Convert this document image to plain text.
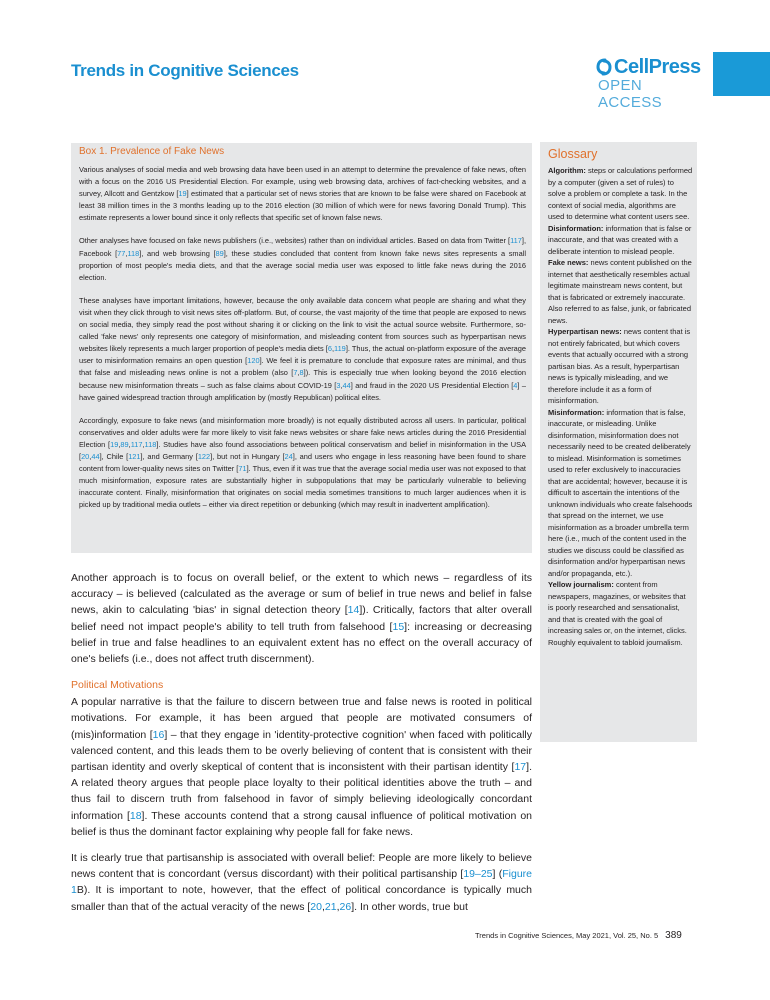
Trends in Cognitive Sciences	CellPress
OPEN ACCESS
Box 1. Prevalence of Fake News

Various analyses of social media and web browsing data have been used in an attempt to determine the prevalence of fake news, often with a focus on the 2016 US Presidential Election. For example, using web browsing data, archives of fact-checking websites, and a survey, Allcott and Gentzkow [19] estimated that a particular set of news stories that are known to be false were shared on Facebook at least 38 million times in the 3 months leading up to the 2016 election (30 million of which were for news favoring Donald Trump). This estimate represents a lower bound since it only reflects that specific set of known false news.

Other analyses have focused on fake news publishers (i.e., websites) rather than on individual articles. Based on data from Twitter [117], Facebook [77,118], and web browsing [89], these studies concluded that content from known fake news sites represents a small proportion of most people's media diets, and that the average social media user was exposed to little fake news during the 2016 election.

These analyses have important limitations, however, because the only available data concern what people are sharing and what they visit when they click through to visit news sites off-platform. But, of course, the vast majority of the time that people are exposed to news on social media, they simply read the post without sharing it or clicking on the link to visit the actual source website. Furthermore, so-called 'fake news' only represents one category of misinformation, and misleading content from sources such as hyperpartisan news websites likely represents a much larger proportion of people's media diets [6,119]. Thus, the actual on-platform exposure of the average user to misinformation remains an open question [120]. We feel it is premature to conclude that exposure rates are minimal, and thus that false and misleading news online is not a problem (also [7,8]). This is especially true when looking beyond the 2016 election because new misinformation threats – such as false claims about COVID-19 [3,44] and fraud in the 2020 US Presidential Election [4] – have gained widespread traction through amplification by (mostly Republican) political elites.

Accordingly, exposure to fake news (and misinformation more broadly) is not equally distributed across all users. In particular, political conservatives and older adults were far more likely to visit fake news websites or share fake news articles during the 2016 Presidential Election [19,89,117,118]. Studies have also found associations between political conservatism and belief in misinformation in the USA [20,44], Chile [121], and Germany [122], but not in Hungary [24], and users who engage in less reasoning have been found to share content from lower-quality news sites on Twitter [71]. Thus, even if it was true that the average social media user was not exposed to that much misinformation, exposure rates are substantially higher in subpopulations that may be particularly vulnerable to believing inaccurate content. Finally, misinformation that originates on social media sometimes transitions to much larger audiences when it is picked up by traditional media outlets – either via direct repetition or debunking (which may result in inadvertent amplification).

Glossary
Algorithm: steps or calculations performed by a computer (given a set of rules) to solve a problem or complete a task. In the context of social media, algorithms are used to determine what content users see.
Disinformation: information that is false or inaccurate, and that was created with a deliberate intention to mislead people.
Fake news: news content published on the internet that aesthetically resembles actual legitimate mainstream news content, but that is fabricated or extremely inaccurate. Also referred to as false, junk, or fabricated news.
Hyperpartisan news: news content that is not entirely fabricated, but which covers events that actually occurred with a strong partisan bias. As a result, hyperpartisan news is typically misleading, and we therefore include it as a form of misinformation.
Misinformation: information that is false, inaccurate, or misleading. Unlike disinformation, misinformation does not necessarily need to be created deliberately to mislead. Misinformation is sometimes used to refer exclusively to inaccuracies that are accidental; however, because it is difficult to ascertain the intentions of the unknown individuals who create falsehoods that spread on the internet, we use misinformation as a broader umbrella term here (i.e., much of the content used in the studies we discuss could be classified as disinformation and/or hyperpartisan news and/or propaganda, etc.).
Yellow journalism: content from newspapers, magazines, or websites that is poorly researched and sensationalist, and that is created with the goal of increasing sales or, on the internet, clicks. Roughly equivalent to tabloid journalism.

Another approach is to focus on overall belief, or the extent to which news – regardless of its accuracy – is believed (calculated as the average or sum of belief in true news and belief in false news, akin to calculating 'bias' in signal detection theory [14]). Critically, factors that alter overall belief need not impact people's ability to tell truth from falsehood [15]: increasing or decreasing belief in true and false headlines to an equivalent extent has no effect on the overall accuracy of one's beliefs (i.e., does not affect truth discernment).

Political Motivations

A popular narrative is that the failure to discern between true and false news is rooted in political motivations. For example, it has been argued that people are motivated consumers of (mis)information [16] – that they engage in 'identity-protective cognition' when faced with politically valenced content, and this leads them to be overly believing of content that is consistent with their partisan identity and overly skeptical of content that is inconsistent with their partisan identity [17]. A related theory argues that people place loyalty to their political identities above the truth – and thus fail to discern truth from falsehood in favor of simply believing ideologically concordant information [18]. These accounts contend that a strong causal influence of political motivation on belief is thus the dominant factor explaining why people fall for fake news.

It is clearly true that partisanship is associated with overall belief: People are more likely to believe news content that is concordant (versus discordant) with their political partisanship [19–25] (Figure 1B). It is important to note, however, that the effect of political concordance is typically much smaller than that of the actual veracity of the news [20,21,26]. In other words, true but

Trends in Cognitive Sciences, May 2021, Vol. 25, No. 5 389
